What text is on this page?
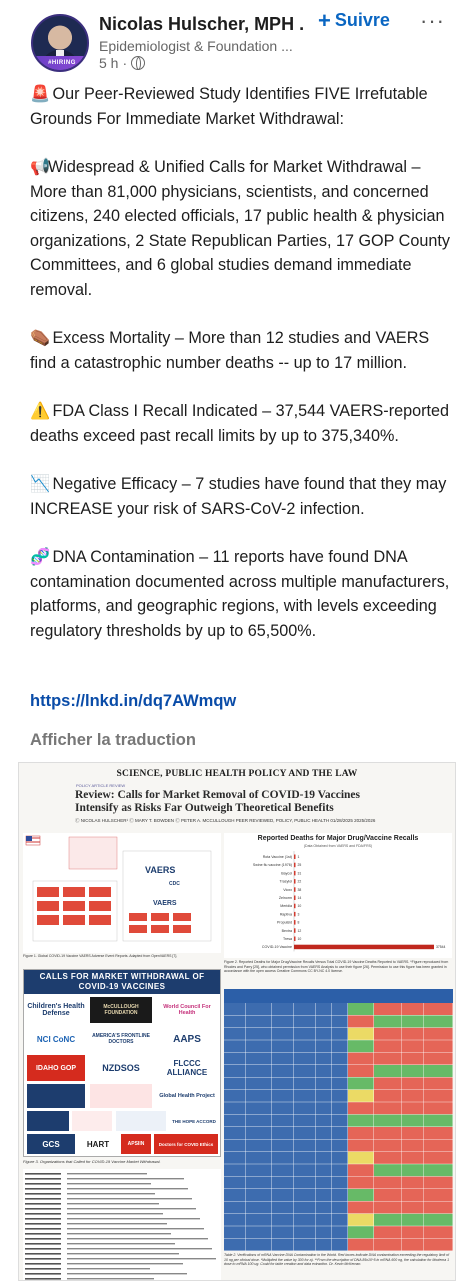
#HIRING
Nicolas Hulscher, MPH .
Epidemiologist & Foundation ...
5 h ·
+ Suivre ···

🚨 Our Peer-Reviewed Study Identifies FIVE Irrefutable Grounds For Immediate Market Withdrawal:

📢Widespread & Unified Calls for Market Withdrawal – More than 81,000 physicians, scientists, and concerned citizens, 240 elected officials, 17 public health & physician organizations, 2 State Republican Parties, 17 GOP County Committees, and 6 global studies demand immediate removal.

⚰️ Excess Mortality – More than 12 studies and VAERS find a catastrophic number deaths -- up to 17 million.

⚠️ FDA Class I Recall Indicated – 37,544 VAERS-reported deaths exceed past recall limits by up to 375,340%.

📉 Negative Efficacy – 7 studies have found that they may INCREASE your risk of SARS-CoV-2 infection.

🧬 DNA Contamination – 11 reports have found DNA contamination documented across multiple manufacturers, platforms, and geographic regions, with levels exceeding regulatory thresholds by up to 65,500%.

https://lnkd.in/dq7AWmqw
Afficher la traduction
SCIENCE, PUBLIC HEALTH POLICY AND THE LAW
POLICY ARTICLE REVIEW
Review: Calls for Market Removal of COVID-19 Vaccines Intensify as Risks Far Outweigh Theoretical Benefits
Ⓒ NICOLAS HULSCHER¹ Ⓒ MARY T. BOWDEN Ⓒ PETER A. MCCULLOUGH PEER REVIEWED, POLICY, PUBLIC HEALTH 01/28/2025 2025/2026
VAERS
CDC
VAERS
Figure 1. Global COVID-19 Vaccine VAERS Adverse Event Reports. Adapted from OpenVAERS [7].
Reported Deaths for Major Drug/Vaccine Recalls
(Data Obtained from VAERS and FDA/FRS)
Rota Vaccine (1st) 1
Swine flu vaccine (1976) 25
Baycol 31
Trasylol 22
Vioxx 38
Zelnorm 14
Meridia 10
Raptiva 3
Propulsid 8
Bextra 12
Tresa 10
COVID-19 Vaccine	37544
Figure 2. Reported Deaths for Major Drug/Vaccine Recalls Versus Total COVID-19 Vaccine Deaths Reported to VAERS. *Figure reproduced from Rhodes and Parry [25], who obtained permission from VAERS Analysis to use their figure [26]. Permission to use this figure has been granted in accordance with the open access Creative Commons CC BY-NC 4.0 license.
CALLS FOR MARKET WITHDRAWAL OF COVID-19 VACCINES
Children's Health Defense
McCULLOUGH FOUNDATION
World Council For Health
NCI CoNC	AMERICA'S FRONTLINE DOCTORS	AAPS
IDAHO GOP	NZDSOS	FLCCC ALLIANCE
Global Health Project
THE HOPE ACCORD
GCS	HART	APSIIN	Doctors for COVID Ethics
Figure 3. Organizations that Called for COVID-19 Vaccine Market Withdrawal.
Table 2. Verifications of mRNA Vaccine DNA Contamination in the World. Red boxes indicate DNA contamination exceeding the regulatory limit of 10 ng per clinical dose. *Multiplied the value by 300 for a). **From the description of DNA 85x10^5 in mRNA 600 ng, the calculation for Moderna 1 dose to mRNA 100 ug. Could for table creation and data extraction. Dr. Kevin McKernan.
